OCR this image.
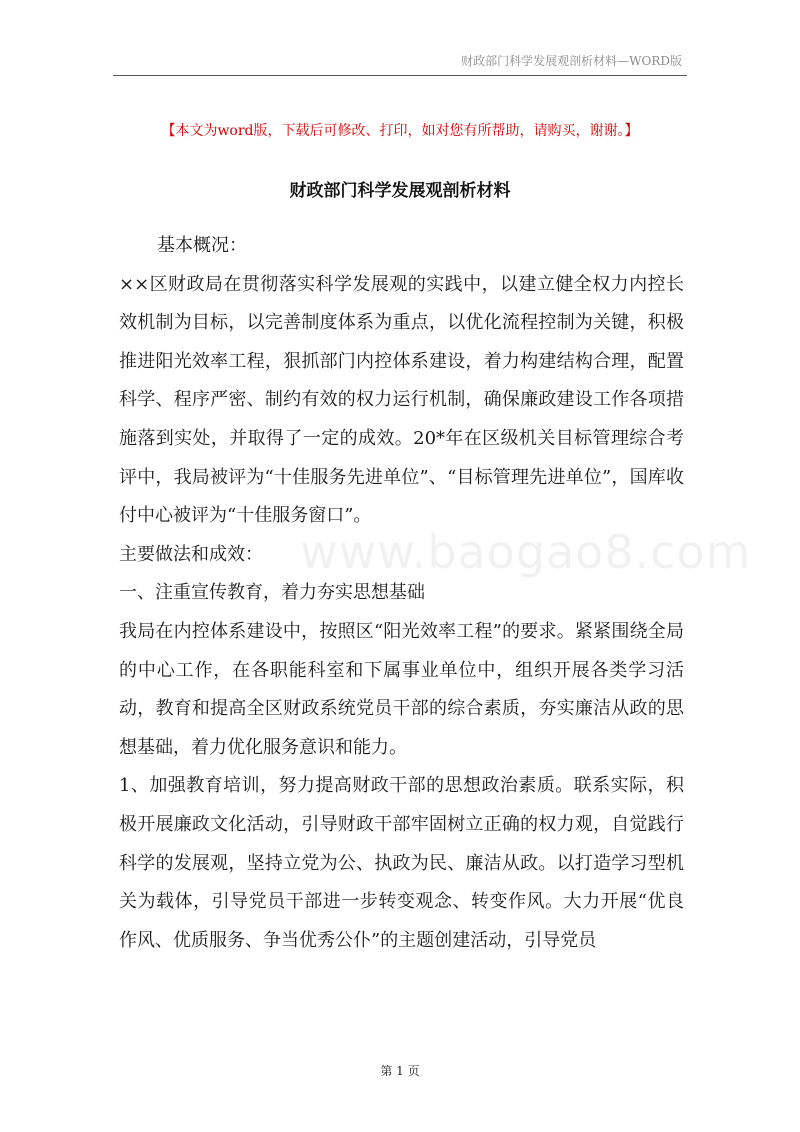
财政部门科学发展观剖析材料—WORD版
【本文为word版，下载后可修改、打印，如对您有所帮助，请购买，谢谢。】
财政部门科学发展观剖析材料

基本概况：

××区财政局在贯彻落实科学发展观的实践中，以建立健全权力内控长效机制为目标，以完善制度体系为重点，以优化流程控制为关键，积极推进阳光效率工程，狠抓部门内控体系建设，着力构建结构合理，配置科学、程序严密、制约有效的权力运行机制，确保廉政建设工作各项措施落到实处，并取得了一定的成效。20*年在区级机关目标管理综合考评中，我局被评为“十佳服务先进单位”、“目标管理先进单位”，国库收付中心被评为“十佳服务窗口”。

主要做法和成效：

一、注重宣传教育，着力夯实思想基础

我局在内控体系建设中，按照区“阳光效率工程”的要求。紧紧围绕全局的中心工作，在各职能科室和下属事业单位中，组织开展各类学习活动，教育和提高全区财政系统党员干部的综合素质，夯实廉洁从政的思想基础，着力优化服务意识和能力。

1、加强教育培训，努力提高财政干部的思想政治素质。联系实际，积极开展廉政文化活动，引导财政干部牢固树立正确的权力观，自觉践行科学的发展观，坚持立党为公、执政为民、廉洁从政。以打造学习型机关为载体，引导党员干部进一步转变观念、转变作风。大力开展“优良作风、优质服务、争当优秀公仆”的主题创建活动，引导党员

www.baogao8.com
第 1 页
